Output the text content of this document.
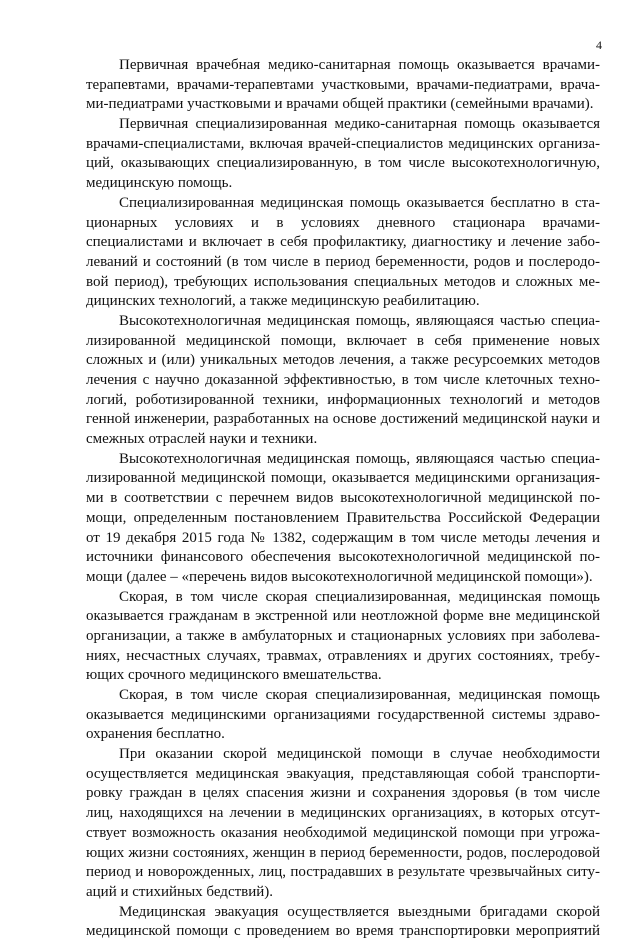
4
Первичная врачебная медико-санитарная помощь оказывается врачами-
терапевтами, врачами-терапевтами участковыми, врачами-педиатрами, врача-
ми-педиатрами участковыми и врачами общей практики (семейными врачами).
Первичная специализированная медико-санитарная помощь оказывается
врачами-специалистами, включая врачей-специалистов медицинских организа-
ций, оказывающих специализированную, в том числе высокотехнологичную,
медицинскую помощь.
Специализированная медицинская помощь оказывается бесплатно в ста-
ционарных условиях и в условиях дневного стационара врачами-
специалистами и включает в себя профилактику, диагностику и лечение забо-
леваний и состояний (в том числе в период беременности, родов и послеродо-
вой период), требующих использования специальных методов и сложных ме-
дицинских технологий, а также медицинскую реабилитацию.
Высокотехнологичная медицинская помощь, являющаяся частью специа-
лизированной медицинской помощи, включает в себя применение новых
сложных и (или) уникальных методов лечения, а также ресурсоемких методов
лечения с научно доказанной эффективностью, в том числе клеточных техно-
логий, роботизированной техники, информационных технологий и методов
генной инженерии, разработанных на основе достижений медицинской науки и
смежных отраслей науки и техники.
Высокотехнологичная медицинская помощь, являющаяся частью специа-
лизированной медицинской помощи, оказывается медицинскими организация-
ми в соответствии с перечнем видов высокотехнологичной медицинской по-
мощи, определенным постановлением Правительства Российской Федерации
от 19 декабря 2015 года № 1382, содержащим в том числе методы лечения и
источники финансового обеспечения высокотехнологичной медицинской по-
мощи (далее – «перечень видов высокотехнологичной медицинской помощи»).
Скорая, в том числе скорая специализированная, медицинская помощь
оказывается гражданам в экстренной или неотложной форме вне медицинской
организации, а также в амбулаторных и стационарных условиях при заболева-
ниях, несчастных случаях, травмах, отравлениях и других состояниях, требу-
ющих срочного медицинского вмешательства.
Скорая, в том числе скорая специализированная, медицинская помощь
оказывается медицинскими организациями государственной системы здраво-
охранения бесплатно.
При оказании скорой медицинской помощи в случае необходимости
осуществляется медицинская эвакуация, представляющая собой транспорти-
ровку граждан в целях спасения жизни и сохранения здоровья (в том числе
лиц, находящихся на лечении в медицинских организациях, в которых отсут-
ствует возможность оказания необходимой медицинской помощи при угрожа-
ющих жизни состояниях, женщин в период беременности, родов, послеродовой
период и новорожденных, лиц, пострадавших в результате чрезвычайных ситу-
аций и стихийных бедствий).
Медицинская эвакуация осуществляется выездными бригадами скорой
медицинской помощи с проведением во время транспортировки мероприятий
